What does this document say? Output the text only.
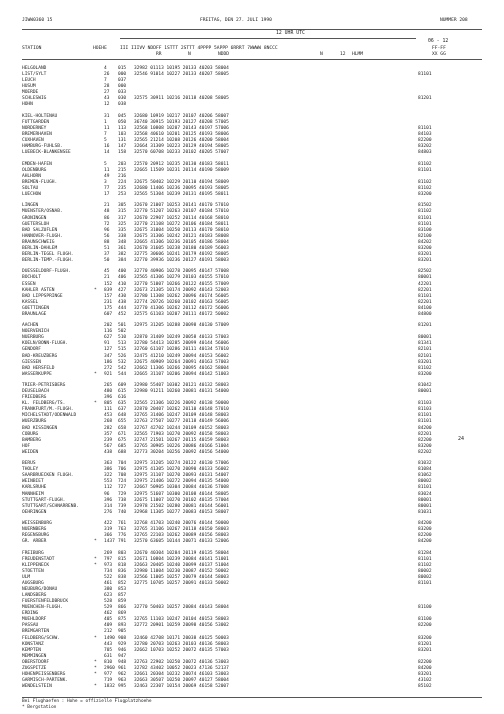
JIWW0360 15	FREITAG, DEN 27. JULI 1990	NUMMER 208
12 UHR UTC
06 - 12
STATION	HOEHE	III IIIVV NDDFF 1STTT 2STTT 4PPPP 5APPP 6RRRT 7WWWW 8NCCC
RR	N	NDDD	N	12 HLMM
FF-FF
XX GG
HELGOLAND	4	015 32982 01113 10195 20133 40203 58004
LIST/SYLT	26 000 32546 91014 10227 20133 40207 58005	81101
LEUCH	7	037
HUSUM	28 000
MOERDE	27 033
SCHLESWIG	43 030 32575 30911 10216 20118 40208 58005	81201
HOHN	12 038
KIEL-HOLTENAU	31 045 32680 10919 10217 20107 40206 58007
FUTTGARDEN	1	050 36740 30915 10193 20127 40208 57005
NORDERNEY	11 113 32568 10808 10207 20143 40197 57006	81101
BREMERHAVEN	7	103 32568 40610 10201 20125 40193 58006	84103
CUXHAVEN	5	131 32565 21214 10208 20126 40200 58004	82200
HAMBURG-FUHLSB.	16 147 32664 31309 10223 20129 40194 58005	83202
LUEBECK-BLANKENSEE	14 158 32570 60708 10233 20102 40205 57007	84803
EMDEN-HAFEN	5	203 22570 20912 10235 20130 40183 58011	81102
OLDENBURG	11 215 32665 11509 10231 20114 40190 58009	81101
AHLHORN	49 216
BREMEN-FLUGH.	3	224 32675 50402 10229 20110 40194 58009	81102
SOLTAU	77 235 32680 11406 10236 20095 40193 58005	81102
LUECHOW	17 253 32565 51304 10239 20131 40195 58011	83200
LINGEN	21 305 32670 21007 10253 20141 40170 57010	81502
MUENSTER/OSNAB.	48 315 32770 51207 10263 20107 40184 57010	81102
GRONINGEN	86 317 32670 22907 10252 20114 40168 58010	81101
GUETERSLOH	72 325 32770 21108 10272 20106 40184 58011	81101
BAD SALZUFLEN	96 335 32675 31004 10250 20113 40170 58010	83100
HANNOVER-FLUGH.	56 338 32675 31306 10242 20121 40183 58008	82100
BRAUNSCHWEIG	88 348 32665 41306 10236 20105 40186 58004	84202
BERLIN-DAHLEM	51 361 32670 31605 10238 20180 40189 56003	83200
BERLIN-TEGEL FLUGH.	37 382 32775 30606 10241 20179 40192 58005	83201
BERLIN-TEMP.-FLUGH.	50 384 32770 39936 10236 20127 40191 58003	83201
DUESSELDORF-FLUGH.	45 400 32770 40906 10278 20095 40147 57008	82502
BOCHOLT	21 406 32565 41306 10279 20103 40155 57010	80001
ESSEN	152 410 32770 51007 10266 20122 40155 57009	42201
KAHLER ASTEN	* 839 427 32673 21305 10174 20092 40143 52003	82201
BAD LIPPSPRINGE	157 430 32780 11308 10262 20096 40174 56005	81101
KASSEL	231 438 32774 20726 10260 20102 40163 56005	82201
GOETTINGEN	175 444 32770 41306 10262 20112 40172 56006	84100
BRAUNLAGE	607 452 32575 61103 10207 20111 40172 50002	84800
AACHEN	202 501 32975 31205 10288 20098 40130 57009	81201
NOERVENICH	116 502
NUERBURG	627 510 32870 31409 10249 20058 40133 57003	80001
KOELN/BONN-FLUGH.	91 513 32780 54413 10285 20099 40144 56006	81341
GENDORF	127 515 32760 61107 10286 20111 40134 57010	82101
BAD-KREUZBERG	347 526 32475 41210 10249 20094 40153 56002	82101
GIESSEN	186 532 32675 40909 10264 20091 40163 57003	83201
BAD HERSFELD	272 542 32662 11306 10266 20095 40162 58004	81102
WASSERKUPPE	* 921 544 32665 31107 10206 20094 40142 51003	83200
TRIER-PETRISBERG	265 609 32980 55407 10302 20121 40132 58003	81042
DEUSELBACH	480 615 32980 91211 10260 20081 40131 54000	80001
FRIEDBERG	396 616
KL. FELDBERG/TS.	* 805 635 32565 21306 10226 20092 40138 50000	81103
FRANKFURT/M.-FLUGH.	111 637 32870 20407 10262 20110 40148 57010	81103
MICHELSTADT/ODENWALD	453 648 32765 31406 10247 20109 40148 58003	81101
WUERZBURG	268 655 32763 27507 10277 20118 40149 56006	81101
BAD KISSINGEN	282 658 32767 42702 10244 20109 40152 58003	84200
COBURG	357 671 32565 71903 10270 20092 40158 58003	82201
BAMBERG	239 675 32747 21501 10267 20115 40159 58003	82200
HOF	567 685 32765 30905 10226 20086 40166 51004	83200
WEIDEN	438 688 32773 30204 10256 20092 40156 54000	82202
BERUS	363 704 32975 31205 10274 20122 40130 57006	81032
THOLEY	386 706 32975 41305 10270 20090 40133 56002	81084
SAARBRUECKEN FLUGH.	322 708 32975 31107 10270 20093 40131 54007	81062
WEINBIET	553 724 32975 21406 10272 20094 40135 54000	80002
KARLSRUHE	112 727 32667 50905 10304 20084 40136 57008	81101
MANNHEIM	96 729 32975 51607 10300 20108 40144 58005	83024
STUTTGART-FLUGH.	396 738 32675 11007 10270 20102 40135 57004	80001
STUTTGART/SCHNARRENB.	314 739 32978 21502 10280 20081 40144 56001	80001
OEHRINGEN	276 740 32968 11305 10277 20083 40153 58007	81031
WEISSENBURG	422 761 32768 41703 10240 20076 40144 50000	84200
NUERNBERG	319 763 32765 31106 10267 20118 40150 58003	83200
REGENSBURG	366 776 32765 22103 10262 20089 40156 58003	82200
GR. ARBER	* 1437 791 32570 63605 10144 20071 40133 52006	84200
FREIBURG	269 803 32670 40304 10284 20119 40135 58004	81284
FREUDENSTADT	* 797 815 32671 10804 10239 20084 40141 51001	81101
KLIPPENECK	* 973 818 32663 20405 10240 20099 40137 51004	81102
STOETTEN	734 836 32980 11004 10230 20087 40152 50002	80002
ULM	522 838 32566 11005 10257 20079 40144 58003	80002
AUGSBURG	461 852 32775 10705 10257 20091 40133 50002	81101
NEUBURG/DONAU	380 853
LANDSBERG	623 857
FUERSTENFELDBRUCK	528 859
MUENCHEN-FLUGH.	529 866 32770 50403 10257 20084 40143 58004	81100
ERDING	462 869
MUEHLDORF	405 875 32765 11103 10247 20104 40153 58003	81100
PASSAU	409 893 32772 20901 10259 20098 40156 53002	82200
BREMGARTEN	212 905
FELDBERG/SCHW.	* 1490 908 32460 42708 10171 20038 40125 50003	83200
KONSTANZ	443 929 32780 20703 10263 20103 40136 58003	81201
KEMPTEN	705 946 32662 10703 10252 20072 40135 57003	83201
MEMMINGEN	631 947
OBERSTDORF	* 810 948 32763 22902 10250 20072 40136 53003	82200
ZUGSPITZE	* 2960 961 32782 43402 10052 20023 47136 52137	84200
HOHENPEISSENBERG	* 977 962 32661 20304 10232 20074 46103 53003	83201
GARMISCH-PARTENK.	719 963 32663 30507 10250 20097 40127 58004	43102
WENDELSTEIN	* 1832 995 32463 22307 10154 20069 46158 52007	85102
24
Bei Flughaefen : Hohe = offizielle Flugplatzhoehe
* Bergstation
